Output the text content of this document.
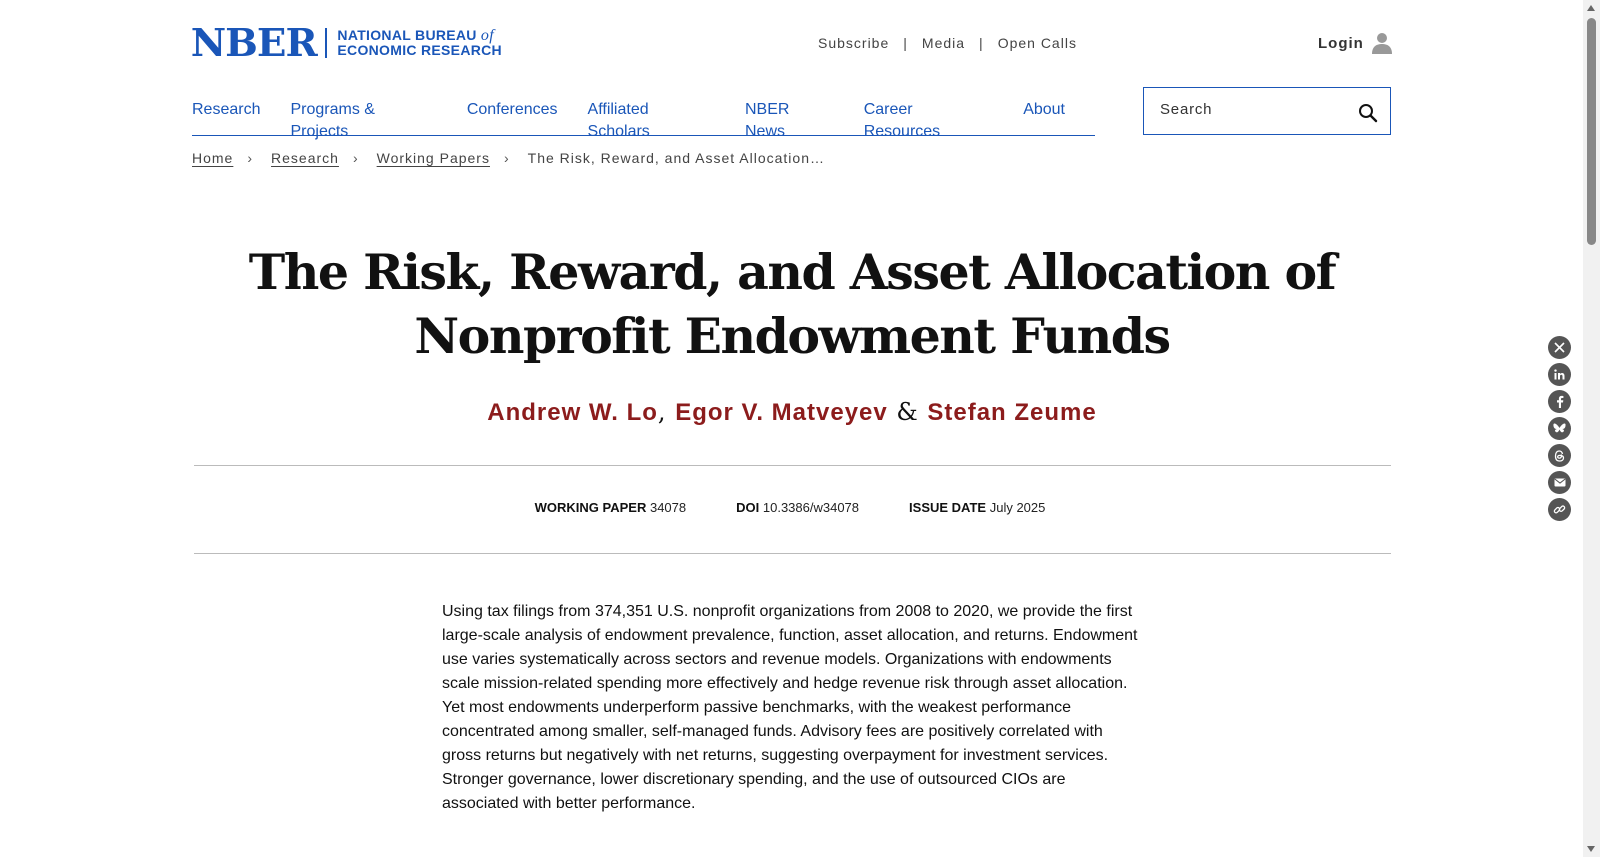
NBER NATIONAL BUREAU of
ECONOMIC RESEARCH	Subscribe | Media | Open Calls	Login
Research Programs & Projects
Conferences Affiliated Scholars
NBER News
Career Resources
About
Search
Home › Research › Working Papers › The Risk, Reward, and Asset Allocation…
The Risk, Reward, and Asset Allocation of
Nonprofit Endowment Funds
Andrew W. Lo, Egor V. Matveyev & Stefan Zeume
WORKING PAPER 34078	DOI 10.3386/w34078	ISSUE DATE July 2025

Using tax filings from 374,351 U.S. nonprofit organizations from 2008 to 2020, we provide the first large-scale analysis of endowment prevalence, function, asset allocation, and returns. Endowment use varies systematically across sectors and revenue models. Organizations with endowments scale mission-related spending more effectively and hedge revenue risk through asset allocation. Yet most endowments underperform passive benchmarks, with the weakest performance concentrated among smaller, self-managed funds. Advisory fees are positively correlated with gross returns but negatively with net returns, suggesting overpayment for investment services. Stronger governance, lower discretionary spending, and the use of outsourced CIOs are associated with better performance.
